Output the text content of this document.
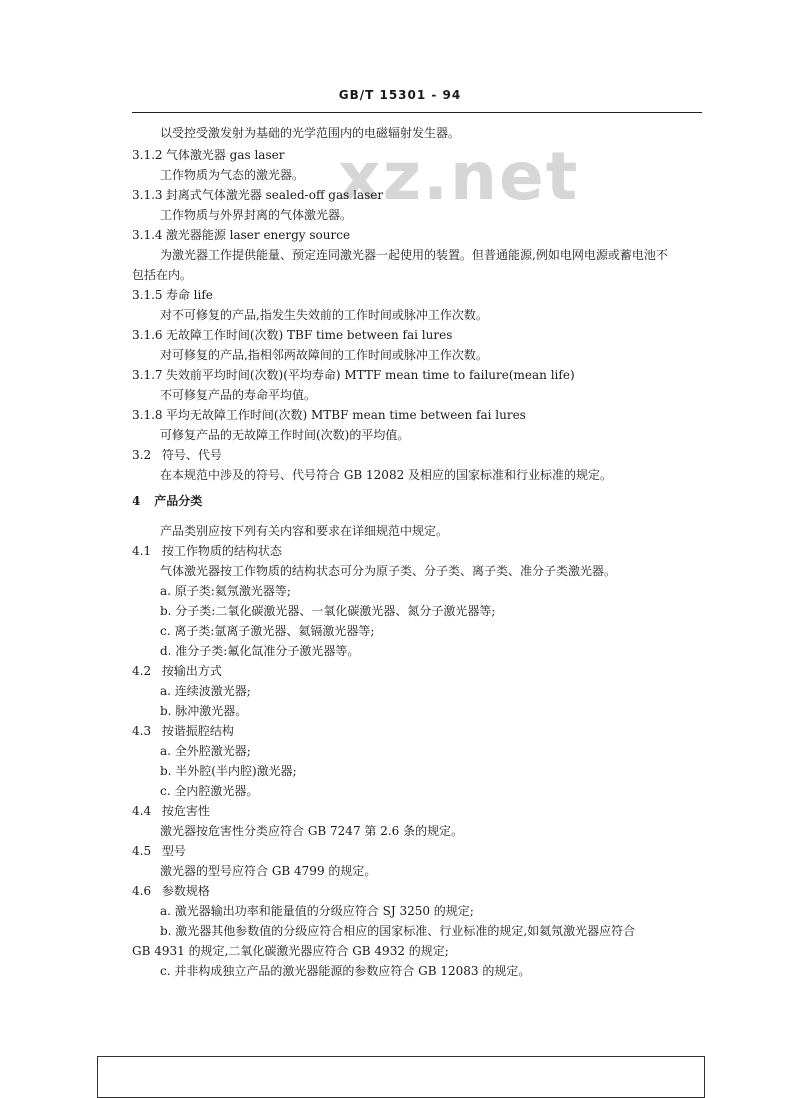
GB/T 15301 - 94
xz.net
以受控受激发射为基础的光学范围内的电磁辐射发生器。
3.1.2 气体激光器 gas laser
工作物质为气态的激光器。
3.1.3 封离式气体激光器 sealed-off gas laser
工作物质与外界封离的气体激光器。
3.1.4 激光器能源 laser energy source
为激光器工作提供能量、预定连同激光器一起使用的装置。但普通能源,例如电网电源或蓄电池不
包括在内。
3.1.5 寿命 life
对不可修复的产品,指发生失效前的工作时间或脉冲工作次数。
3.1.6 无故障工作时间(次数) TBF time between fai lures
对可修复的产品,指相邻两故障间的工作时间或脉冲工作次数。
3.1.7 失效前平均时间(次数)(平均寿命) MTTF mean time to failure(mean life)
不可修复产品的寿命平均值。
3.1.8 平均无故障工作时间(次数) MTBF mean time between fai lures
可修复产品的无故障工作时间(次数)的平均值。
3.2 符号、代号
在本规范中涉及的符号、代号符合 GB 12082 及相应的国家标准和行业标准的规定。
4 产品分类
产品类别应按下列有关内容和要求在详细规范中规定。
4.1 按工作物质的结构状态
气体激光器按工作物质的结构状态可分为原子类、分子类、离子类、准分子类激光器。
a. 原子类:氦氖激光器等;
b. 分子类:二氧化碳激光器、一氧化碳激光器、氮分子激光器等;
c. 离子类:氩离子激光器、氦镉激光器等;
d. 准分子类:氟化氙准分子激光器等。
4.2 按输出方式
a. 连续波激光器;
b. 脉冲激光器。
4.3 按谐振腔结构
a. 全外腔激光器;
b. 半外腔(半内腔)激光器;
c. 全内腔激光器。
4.4 按危害性
激光器按危害性分类应符合 GB 7247 第 2.6 条的规定。
4.5 型号
激光器的型号应符合 GB 4799 的规定。
4.6 参数规格
a. 激光器输出功率和能量值的分级应符合 SJ 3250 的规定;
b. 激光器其他参数值的分级应符合相应的国家标准、行业标准的规定,如氦氖激光器应符合
GB 4931 的规定,二氧化碳激光器应符合 GB 4932 的规定;
c. 并非构成独立产品的激光器能源的参数应符合 GB 12083 的规定。
